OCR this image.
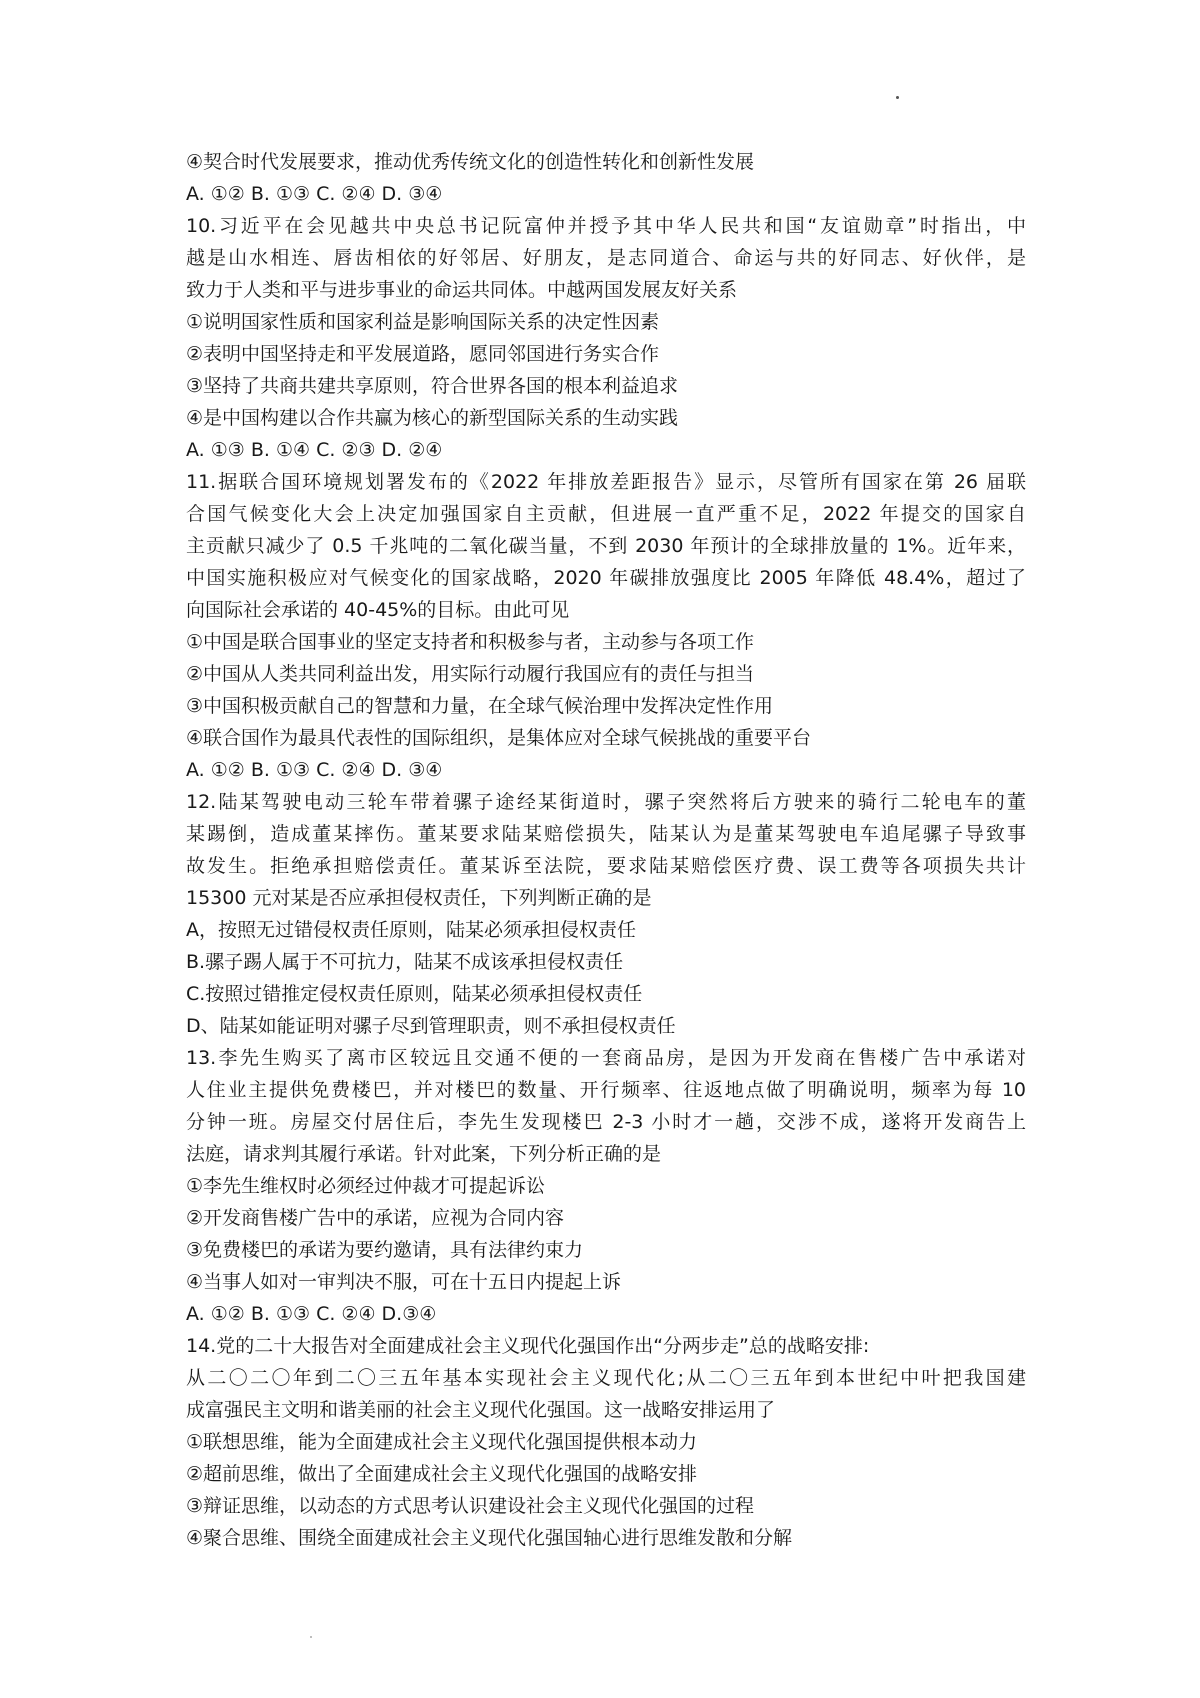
④契合时代发展要求，推动优秀传统文化的创造性转化和创新性发展
A. ①② B. ①③ C. ②④ D. ③④
10.习近平在会见越共中央总书记阮富仲并授予其中华人民共和国“友谊勋章”时指出，中
越是山水相连、唇齿相依的好邻居、好朋友，是志同道合、命运与共的好同志、好伙伴，是
致力于人类和平与进步事业的命运共同体。中越两国发展友好关系
①说明国家性质和国家利益是影响国际关系的决定性因素
②表明中国坚持走和平发展道路，愿同邻国进行务实合作
③坚持了共商共建共享原则，符合世界各国的根本利益追求
④是中国构建以合作共赢为核心的新型国际关系的生动实践
A. ①③ B. ①④ C. ②③ D. ②④
11.据联合国环境规划署发布的《2022 年排放差距报告》显示，尽管所有国家在第 26 届联
合国气候变化大会上决定加强国家自主贡献，但进展一直严重不足，2022 年提交的国家自
主贡献只减少了 0.5 千兆吨的二氧化碳当量，不到 2030 年预计的全球排放量的 1%。近年来，
中国实施积极应对气候变化的国家战略，2020 年碳排放强度比 2005 年降低 48.4%，超过了
向国际社会承诺的 40-45%的目标。由此可见
①中国是联合国事业的坚定支持者和积极参与者，主动参与各项工作
②中国从人类共同利益出发，用实际行动履行我国应有的责任与担当
③中国积极贡献自己的智慧和力量，在全球气候治理中发挥决定性作用
④联合国作为最具代表性的国际组织，是集体应对全球气候挑战的重要平台
A. ①② B. ①③ C. ②④ D. ③④
12.陆某驾驶电动三轮车带着骡子途经某街道时，骡子突然将后方驶来的骑行二轮电车的董
某踢倒，造成董某摔伤。董某要求陆某赔偿损失，陆某认为是董某驾驶电车追尾骡子导致事
故发生。拒绝承担赔偿责任。董某诉至法院，要求陆某赔偿医疗费、误工费等各项损失共计
15300 元对某是否应承担侵权责任，下列判断正确的是
A，按照无过错侵权责任原则，陆某必须承担侵权责任
B.骡子踢人属于不可抗力，陆某不成该承担侵权责任
C.按照过错推定侵权责任原则，陆某必须承担侵权责任
D、陆某如能证明对骡子尽到管理职责，则不承担侵权责任
13.李先生购买了离市区较远且交通不便的一套商品房，是因为开发商在售楼广告中承诺对
人住业主提供免费楼巴，并对楼巴的数量、开行频率、往返地点做了明确说明，频率为每 10
分钟一班。房屋交付居住后，李先生发现楼巴 2-3 小时才一趟，交涉不成，遂将开发商告上
法庭，请求判其履行承诺。针对此案，下列分析正确的是
①李先生维权时必须经过仲裁才可提起诉讼
②开发商售楼广告中的承诺，应视为合同内容
③免费楼巴的承诺为要约邀请，具有法律约束力
④当事人如对一审判决不服，可在十五日内提起上诉
A. ①② B. ①③ C. ②④ D.③④
14.党的二十大报告对全面建成社会主义现代化强国作出“分两步走”总的战略安排:
从二〇二〇年到二〇三五年基本实现社会主义现代化;从二〇三五年到本世纪中叶把我国建
成富强民主文明和谐美丽的社会主义现代化强国。这一战略安排运用了
①联想思维，能为全面建成社会主义现代化强国提供根本动力
②超前思维，做出了全面建成社会主义现代化强国的战略安排
③辩证思维，以动态的方式思考认识建设社会主义现代化强国的过程
④聚合思维、围绕全面建成社会主义现代化强国轴心进行思维发散和分解
